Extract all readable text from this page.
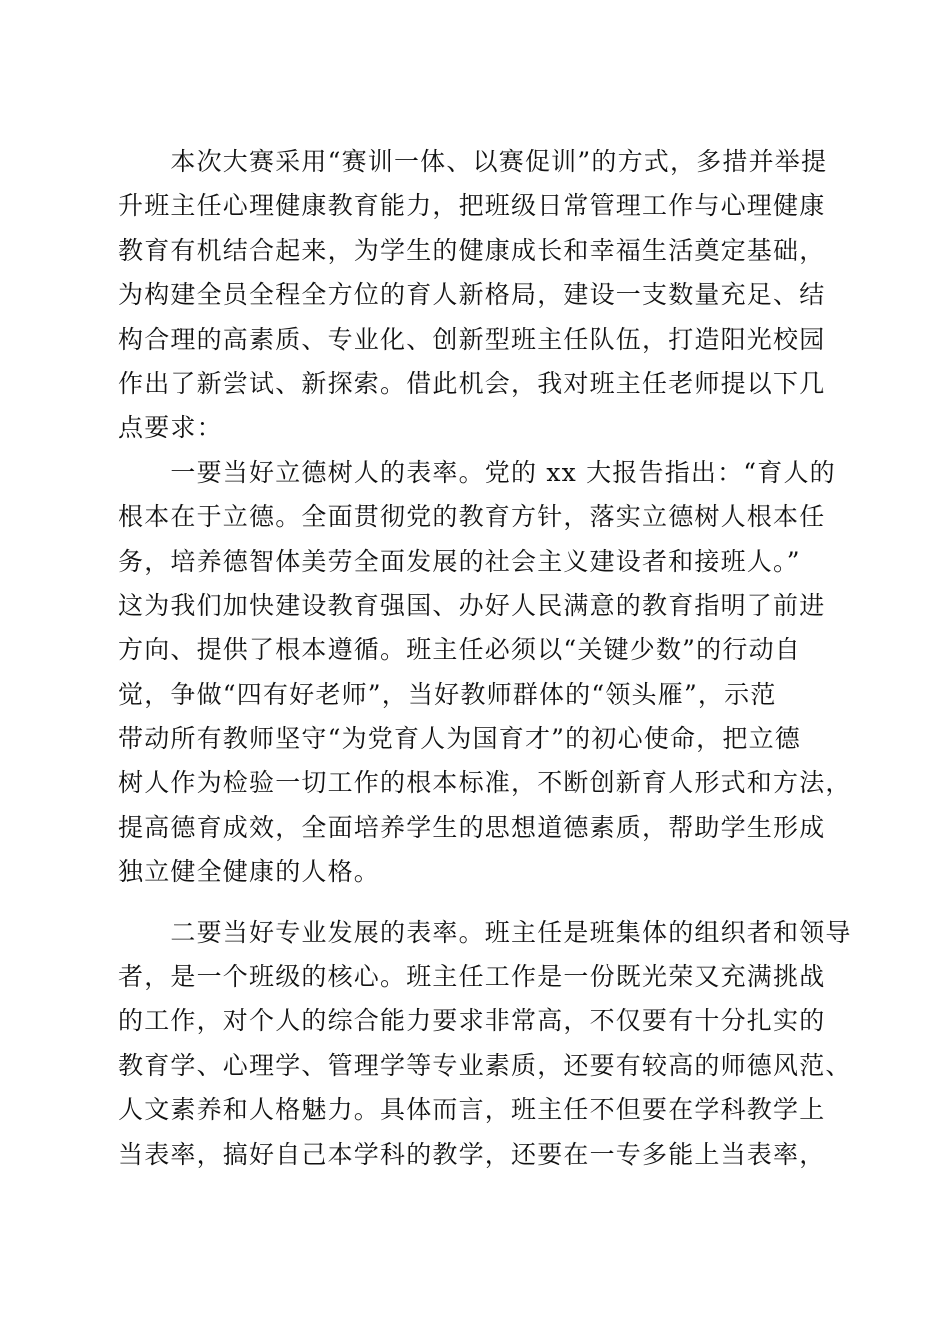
　　本次大赛采用“赛训一体、以赛促训”的方式，多措并举提
升班主任心理健康教育能力，把班级日常管理工作与心理健康
教育有机结合起来，为学生的健康成长和幸福生活奠定基础，
为构建全员全程全方位的育人新格局，建设一支数量充足、结
构合理的高素质、专业化、创新型班主任队伍，打造阳光校园
作出了新尝试、新探索。借此机会，我对班主任老师提以下几
点要求：
　　一要当好立德树人的表率。党的 xx 大报告指出：“育人的
根本在于立德。全面贯彻党的教育方针，落实立德树人根本任
务，培养德智体美劳全面发展的社会主义建设者和接班人。”
这为我们加快建设教育强国、办好人民满意的教育指明了前进
方向、提供了根本遵循。班主任必须以“关键少数”的行动自
觉，争做“四有好老师”，当好教师群体的“领头雁”，示范
带动所有教师坚守“为党育人为国育才”的初心使命，把立德
树人作为检验一切工作的根本标准，不断创新育人形式和方法，
提高德育成效，全面培养学生的思想道德素质，帮助学生形成
独立健全健康的人格。
　　二要当好专业发展的表率。班主任是班集体的组织者和领导
者，是一个班级的核心。班主任工作是一份既光荣又充满挑战
的工作，对个人的综合能力要求非常高，不仅要有十分扎实的
教育学、心理学、管理学等专业素质，还要有较高的师德风范、
人文素养和人格魅力。具体而言，班主任不但要在学科教学上
当表率，搞好自己本学科的教学，还要在一专多能上当表率，
